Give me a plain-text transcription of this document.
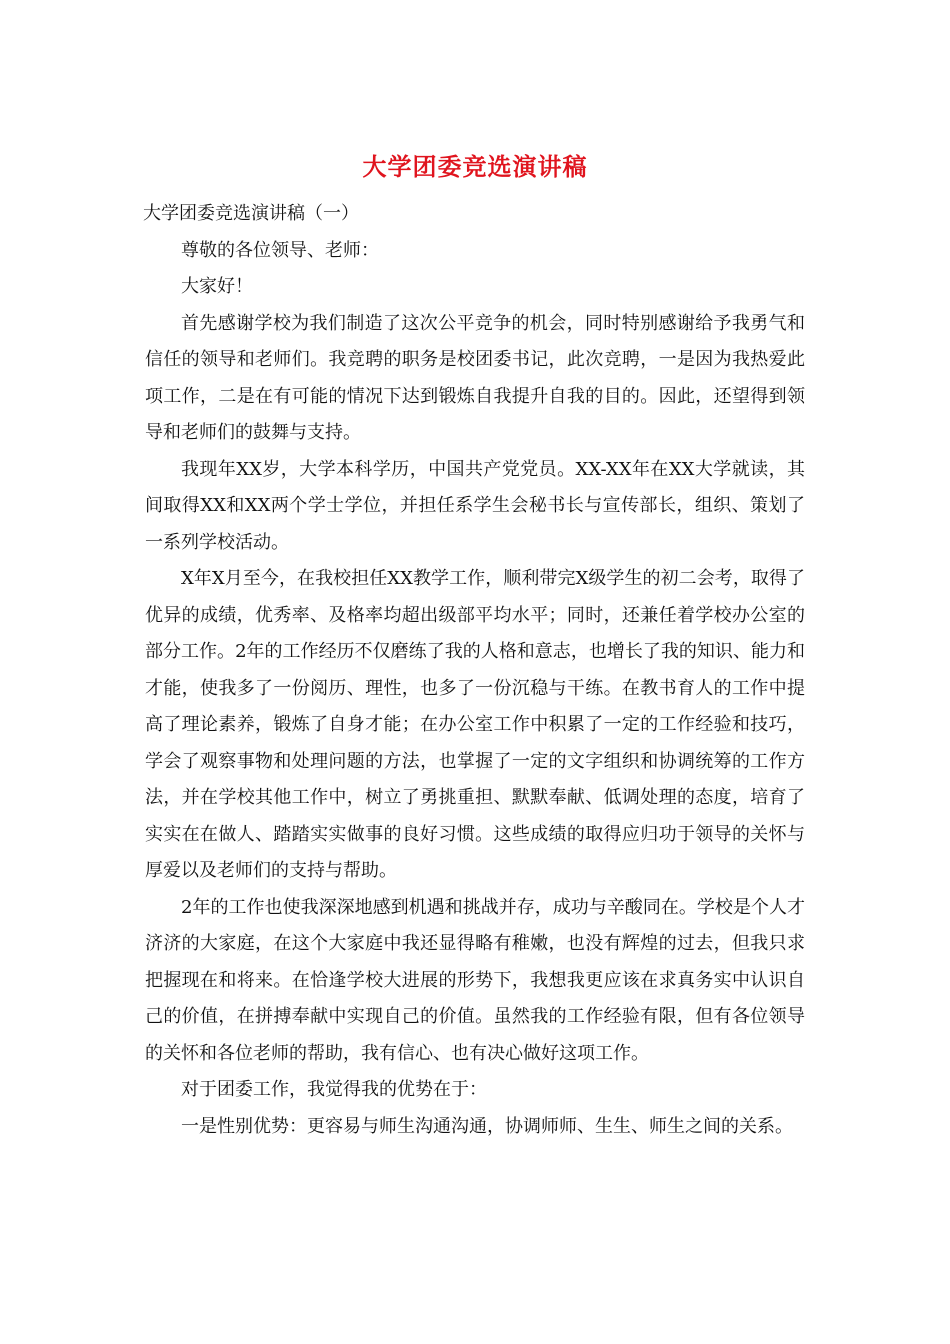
大学团委竞选演讲稿

大学团委竞选演讲稿（一）

尊敬的各位领导、老师：

大家好！

首先感谢学校为我们制造了这次公平竞争的机会，同时特别感谢给予我勇气和信任的领导和老师们。我竞聘的职务是校团委书记，此次竞聘，一是因为我热爱此项工作，二是在有可能的情况下达到锻炼自我提升自我的目的。因此，还望得到领导和老师们的鼓舞与支持。

我现年XX岁，大学本科学历，中国共产党党员。XX-XX年在XX大学就读，其间取得XX和XX两个学士学位，并担任系学生会秘书长与宣传部长，组织、策划了一系列学校活动。

X年X月至今，在我校担任XX教学工作，顺利带完X级学生的初二会考，取得了优异的成绩，优秀率、及格率均超出级部平均水平；同时，还兼任着学校办公室的部分工作。2年的工作经历不仅磨练了我的人格和意志，也增长了我的知识、能力和才能，使我多了一份阅历、理性，也多了一份沉稳与干练。在教书育人的工作中提高了理论素养，锻炼了自身才能；在办公室工作中积累了一定的工作经验和技巧，学会了观察事物和处理问题的方法，也掌握了一定的文字组织和协调统筹的工作方法，并在学校其他工作中，树立了勇挑重担、默默奉献、低调处理的态度，培育了实实在在做人、踏踏实实做事的良好习惯。这些成绩的取得应归功于领导的关怀与厚爱以及老师们的支持与帮助。

2年的工作也使我深深地感到机遇和挑战并存，成功与辛酸同在。学校是个人才济济的大家庭，在这个大家庭中我还显得略有稚嫩，也没有辉煌的过去，但我只求把握现在和将来。在恰逢学校大进展的形势下，我想我更应该在求真务实中认识自己的价值，在拼搏奉献中实现自己的价值。虽然我的工作经验有限，但有各位领导的关怀和各位老师的帮助，我有信心、也有决心做好这项工作。

对于团委工作，我觉得我的优势在于：

一是性别优势：更容易与师生沟通沟通，协调师师、生生、师生之间的关系。
